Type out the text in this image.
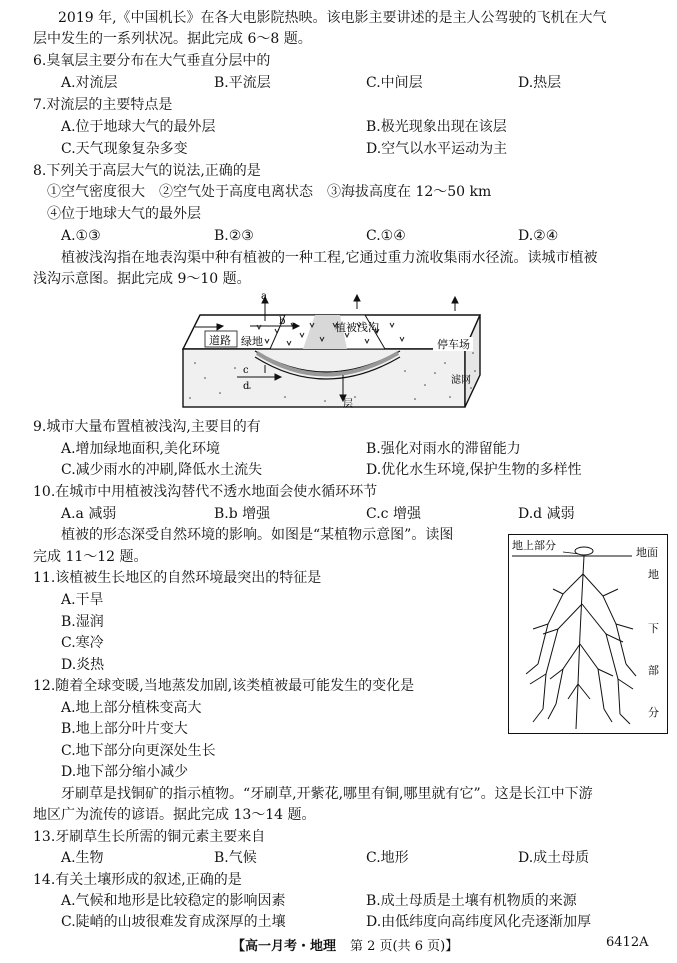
2019 年,《中国机长》在各大电影院热映。该电影主要讲述的是主人公驾驶的飞机在大气
层中发生的一系列状况。据此完成 6～8 题。
6.臭氧层主要分布在大气垂直分层中的
A.对流层	B.平流层	C.中间层	D.热层
7.对流层的主要特点是
A.位于地球大气的最外层	B.极光现象出现在该层
C.天气现象复杂多变	D.空气以水平运动为主
8.下列关于高层大气的说法,正确的是
①空气密度很大　②空气处于高度电离状态　③海拔高度在 12～50 km
④位于地球大气的最外层
A.①③	B.②③	C.①④	D.②④
植被浅沟指在地表沟渠中种有植被的一种工程,它通过重力流收集雨水径流。读城市植被
浅沟示意图。据此完成 9～10 题。
道路 绿地
植被浅沟
停车场
滤网
层
a
b
c
d
9.城市大量布置植被浅沟,主要目的有
A.增加绿地面积,美化环境	B.强化对雨水的滞留能力
C.减少雨水的冲刷,降低水土流失	D.优化水生环境,保护生物的多样性
10.在城市中用植被浅沟替代不透水地面会使水循环环节
A.a 减弱	B.b 增强	C.c 增强	D.d 减弱
植被的形态深受自然环境的影响。如图是“某植物示意图”。读图
完成 11～12 题。
地上部分
地面
地
下
部
分
11.该植被生长地区的自然环境最突出的特征是
A.干旱
B.湿润
C.寒冷
D.炎热
12.随着全球变暖,当地蒸发加剧,该类植被最可能发生的变化是
A.地上部分植株变高大
B.地上部分叶片变大
C.地下部分向更深处生长
D.地下部分缩小减少
牙刷草是找铜矿的指示植物。“牙刷草,开紫花,哪里有铜,哪里就有它”。这是长江中下游
地区广为流传的谚语。据此完成 13～14 题。
13.牙刷草生长所需的铜元素主要来自
A.生物	B.气候	C.地形	D.成土母质
14.有关土壤形成的叙述,正确的是
A.气候和地形是比较稳定的影响因素	B.成土母质是土壤有机物质的来源
C.陡峭的山坡很难发育成深厚的土壤	D.由低纬度向高纬度风化壳逐渐加厚
【高一月考・地理 第 2 页(共 6 页)】	6412A
